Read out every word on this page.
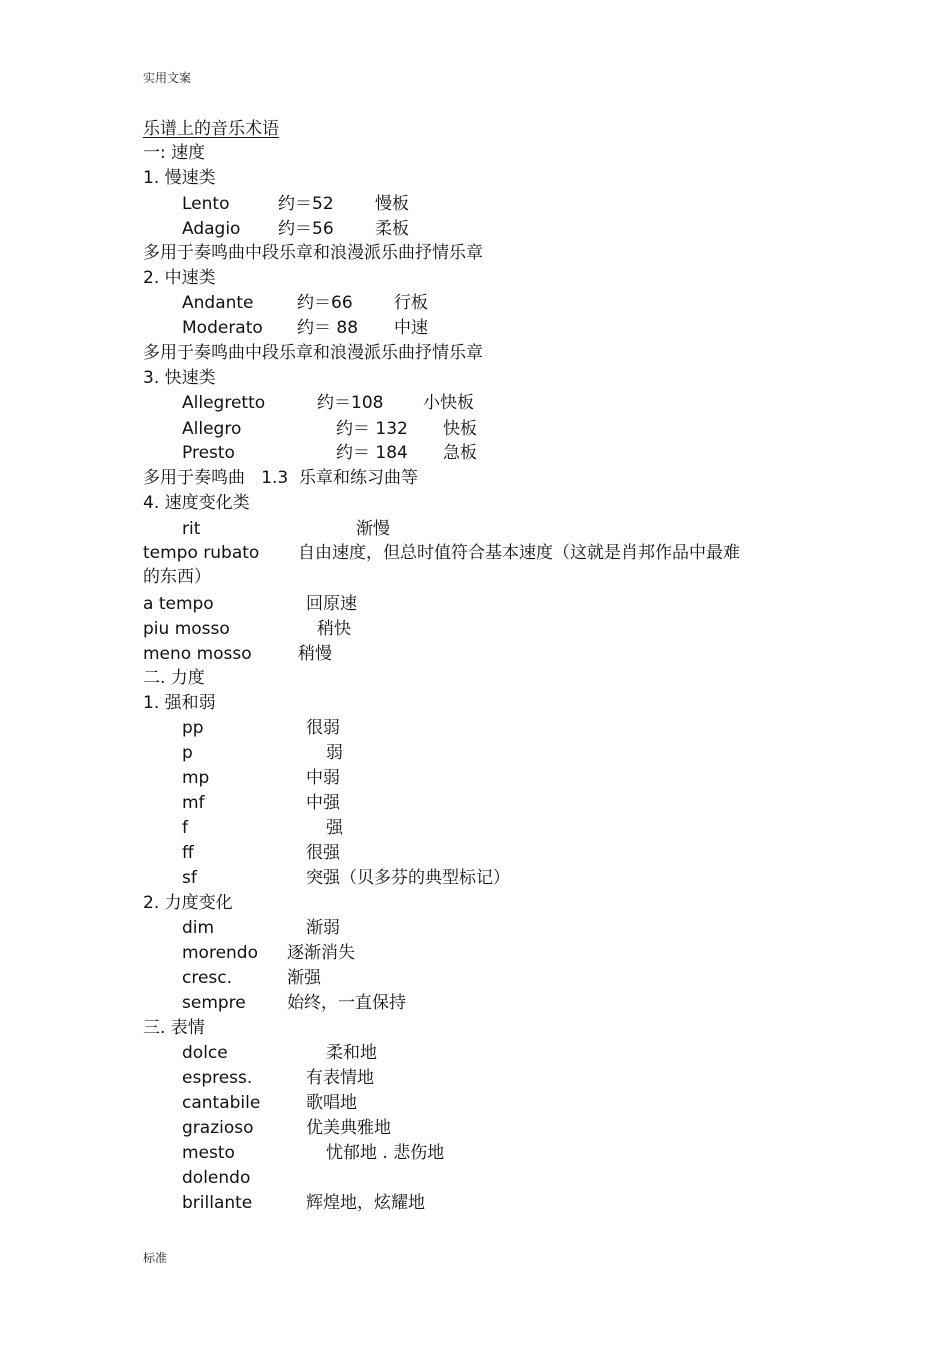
实用文案
乐谱上的音乐术语
一: 速度
1. 慢速类
Lento	约＝52 慢板
Adagio 约＝56 柔板
多用于奏鸣曲中段乐章和浪漫派乐曲抒情乐章
2. 中速类
Andante	约＝66 行板
Moderato 约＝ 88 中速
多用于奏鸣曲中段乐章和浪漫派乐曲抒情乐章
3. 快速类
Allegretto	约＝108 小快板
Allegro	约＝ 132 快板
Presto	约＝ 184 急板
多用于奏鸣曲   1.3  乐章和练习曲等
4. 速度变化类
rit	渐慢
tempo rubato 自由速度，但总时值符合基本速度（这就是肖邦作品中最难
的东西）
a tempo	回原速
piu mosso	稍快
meno mosso	稍慢
二. 力度
1. 强和弱
pp	很弱
p	弱
mp	中弱
mf	中强
f	强
ff	很强
sf	突强（贝多芬的典型标记）
2. 力度变化
dim	渐弱
morendo 逐渐消失
cresc.	渐强
sempre 始终，一直保持
三. 表情
dolce	柔和地
espress.	有表情地
cantabile	歌唱地
grazioso	优美典雅地
mesto	忧郁地 . 悲伤地
dolendo
brillante	辉煌地，炫耀地
标准
